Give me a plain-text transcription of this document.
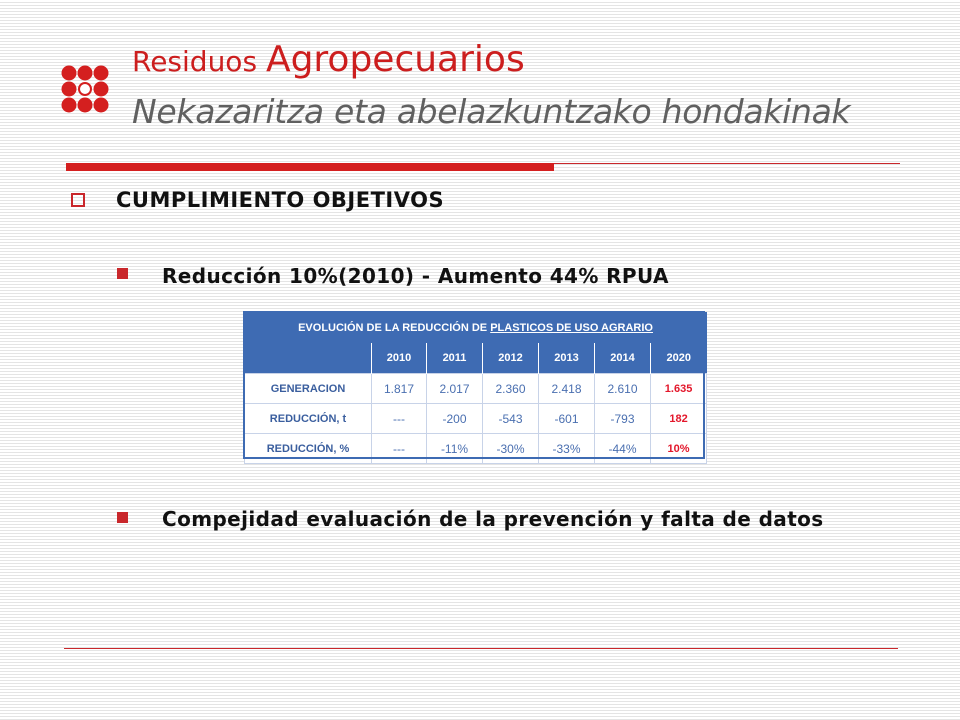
Residuos Agropecuarios
Nekazaritza eta abelazkuntzako hondakinak
CUMPLIMIENTO OBJETIVOS
Reducción 10%(2010) - Aumento 44% RPUA
EVOLUCIÓN DE LA REDUCCIÓN DE PLASTICOS DE USO AGRARIO						
	2010	2011	2012	2013	2014	2020
GENERACION	1.817	2.017	2.360	2.418	2.610	1.635
REDUCCIÓN, t	---	-200	-543	-601	-793	182
REDUCCIÓN, %	---	-11%	-30%	-33%	-44%	10%
Compejidad evaluación de la prevención y falta de datos
